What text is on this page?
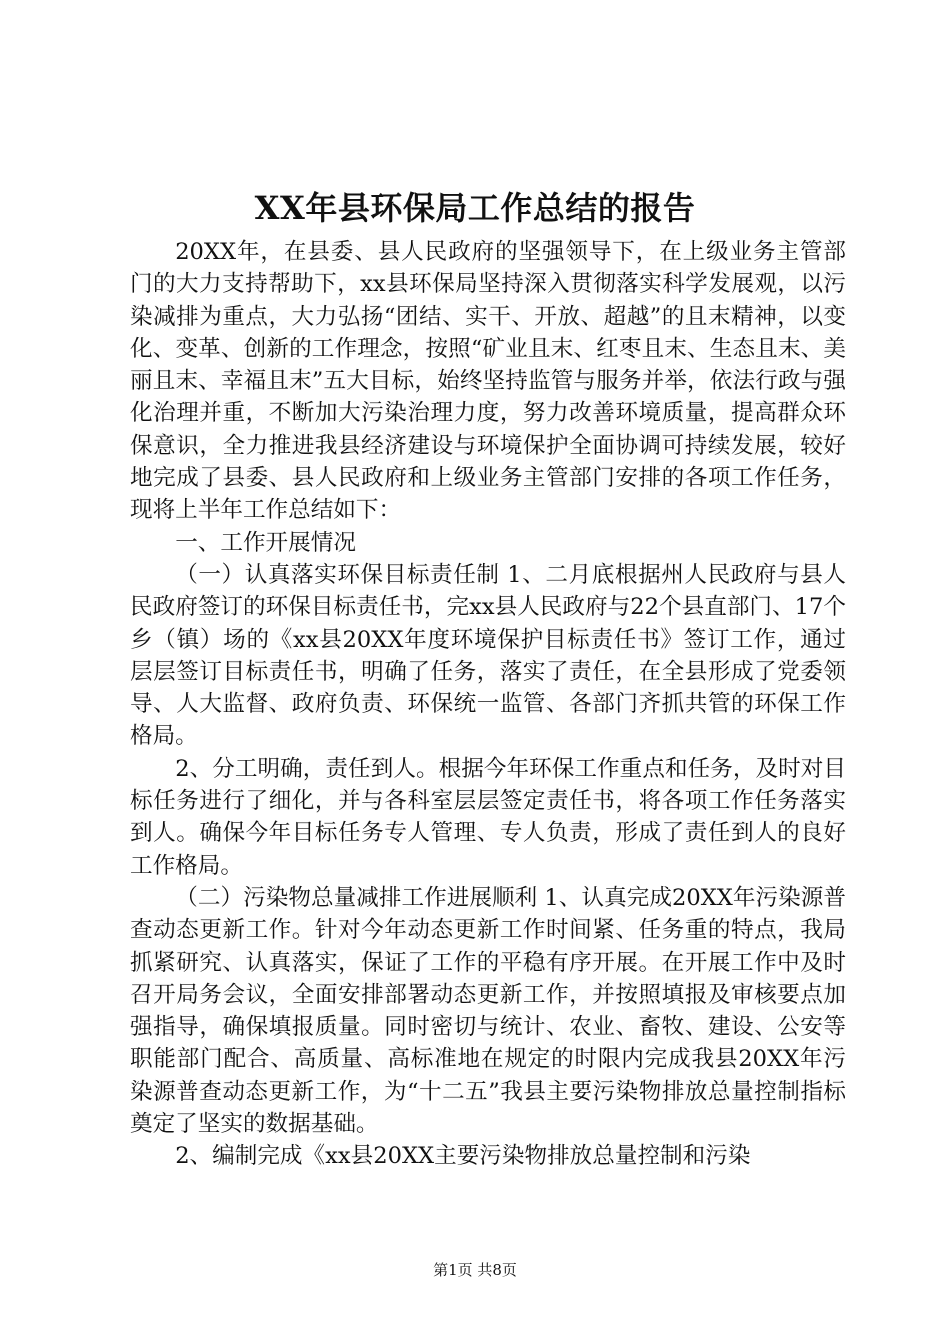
XX年县环保局工作总结的报告

20XX年，在县委、县人民政府的坚强领导下，在上级业务主管部门的大力支持帮助下，xx县环保局坚持深入贯彻落实科学发展观，以污染减排为重点，大力弘扬“团结、实干、开放、超越”的且末精神，以变化、变革、创新的工作理念，按照“矿业且末、红枣且末、生态且末、美丽且末、幸福且末”五大目标，始终坚持监管与服务并举，依法行政与强化治理并重，不断加大污染治理力度，努力改善环境质量，提高群众环保意识，全力推进我县经济建设与环境保护全面协调可持续发展，较好地完成了县委、县人民政府和上级业务主管部门安排的各项工作任务，现将上半年工作总结如下：

一、工作开展情况

（一）认真落实环保目标责任制 1、二月底根据州人民政府与县人民政府签订的环保目标责任书，完xx县人民政府与22个县直部门、17个乡（镇）场的《xx县20XX年度环境保护目标责任书》签订工作，通过层层签订目标责任书，明确了任务，落实了责任，在全县形成了党委领导、人大监督、政府负责、环保统一监管、各部门齐抓共管的环保工作格局。

2、分工明确，责任到人。根据今年环保工作重点和任务，及时对目标任务进行了细化，并与各科室层层签定责任书，将各项工作任务落实到人。确保今年目标任务专人管理、专人负责，形成了责任到人的良好工作格局。

（二）污染物总量减排工作进展顺利 1、认真完成20XX年污染源普查动态更新工作。针对今年动态更新工作时间紧、任务重的特点，我局抓紧研究、认真落实，保证了工作的平稳有序开展。在开展工作中及时召开局务会议，全面安排部署动态更新工作，并按照填报及审核要点加强指导，确保填报质量。同时密切与统计、农业、畜牧、建设、公安等职能部门配合、高质量、高标准地在规定的时限内完成我县20XX年污染源普查动态更新工作，为“十二五”我县主要污染物排放总量控制指标奠定了坚实的数据基础。

2、编制完成《xx县20XX主要污染物排放总量控制和污染

第1页 共8页
